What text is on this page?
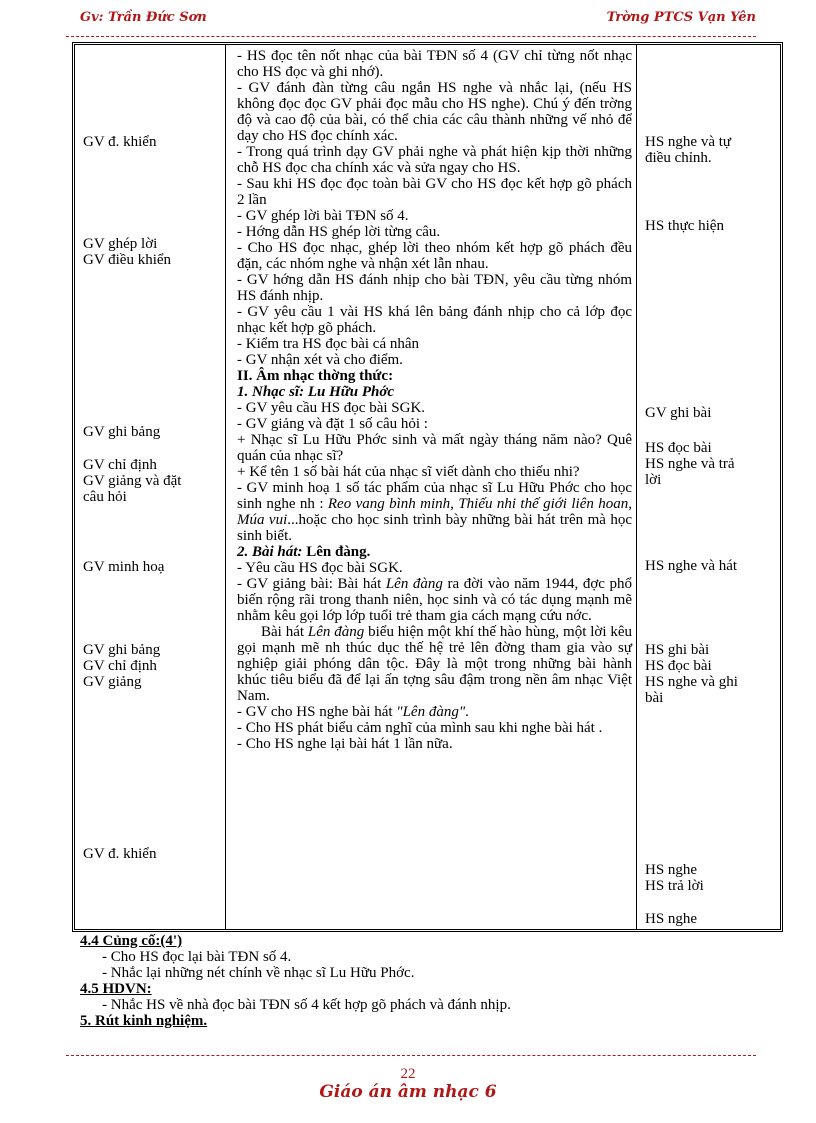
Gv: Trần Đức Sơn	Trờng PTCS Vạn Yên
GV đ. khiển
GV ghép lời
GV điều khiển
GV ghi bảng
GV chỉ định
GV giảng và đặt
câu hỏi
GV minh hoạ
GV ghi bảng
GV chỉ định
GV giảng
GV đ. khiển

- HS đọc tên nốt nhạc của bài TĐN số 4 (GV chỉ từng nốt nhạc cho HS đọc và ghi nhớ).

- GV đánh đàn từng câu ngắn HS nghe và nhắc lại, (nếu HS không đọc đọc GV phải đọc mẫu cho HS nghe). Chú ý đến trờng độ và cao độ của bài, có thể chia các câu thành những vế nhỏ để dạy cho HS đọc chính xác.

- Trong quá trình dạy GV phải nghe và phát hiện kịp thời những chỗ HS đọc cha chính xác và sửa ngay cho HS.

- Sau khi HS đọc đọc toàn bài GV cho HS đọc kết hợp gõ phách 2 lần

- GV ghép lời bài TĐN số 4.

- Hớng dẫn HS ghép lời từng câu.

- Cho HS đọc nhạc, ghép lời theo nhóm kết hợp gõ phách đều đặn, các nhóm nghe và nhận xét lẫn nhau.

- GV hớng dẫn HS đánh nhịp cho bài TĐN, yêu cầu từng nhóm HS đánh nhịp.

- GV yêu cầu 1 vài HS khá lên bảng đánh nhịp cho cả lớp đọc nhạc kết hợp gõ phách.

- Kiểm tra HS đọc bài cá nhân

- GV nhận xét và cho điểm.

II. Âm nhạc thờng thức:

1. Nhạc sĩ: Lu Hữu Phớc

- GV yêu cầu HS đọc bài SGK.

- GV giảng và đặt 1 số câu hỏi :

+ Nhạc sĩ Lu Hữu Phớc sinh và mất ngày tháng năm nào? Quê quán của nhạc sĩ?

+ Kể tên 1 số bài hát của nhạc sĩ viết dành cho thiếu nhi?

- GV minh hoạ 1 số tác phẩm của nhạc sĩ Lu Hữu Phớc cho học sinh nghe nh : Reo vang bình minh, Thiếu nhi thế giới liên hoan, Múa vui...hoặc cho học sinh trình bày những bài hát trên mà học sinh biết.

2. Bài hát: Lên đàng.

- Yêu cầu HS đọc bài SGK.

- GV giảng bài: Bài hát Lên đàng ra đời vào năm 1944, đợc phổ biến rộng rãi trong thanh niên, học sinh và có tác dụng mạnh mẽ nhằm kêu gọi lớp lớp tuổi trẻ tham gia cách mạng cứu nớc.

Bài hát Lên đàng biểu hiện một khí thế hào hùng, một lời kêu gọi mạnh mẽ nh thúc dục thế hệ trẻ lên đờng tham gia vào sự nghiệp giải phóng dân tộc. Đây là một trong những bài hành khúc tiêu biểu đã để lại ấn tợng sâu đậm trong nền âm nhạc Việt Nam.

- GV cho HS nghe bài hát "Lên đàng".

- Cho HS phát biểu cảm nghĩ của mình sau khi nghe bài hát .

- Cho HS nghe lại bài hát 1 lần nữa.

HS nghe và tự
điều chỉnh.
HS thực hiện
GV ghi bài
HS đọc bài
HS nghe và trả
lời
HS nghe và hát
HS ghi bài
HS đọc bài
HS nghe và ghi
bài
HS nghe
HS trả lời
HS nghe

4.4 Củng cố:(4')

- Cho HS đọc lại bài TĐN số 4.

- Nhắc lại những nét chính về nhạc sĩ Lu Hữu Phớc.

4.5 HDVN:

- Nhắc HS về nhà đọc bài TĐN số 4 kết hợp gõ phách và đánh nhịp.

5. Rút kinh nghiệm.

22
Giáo án âm nhạc 6
